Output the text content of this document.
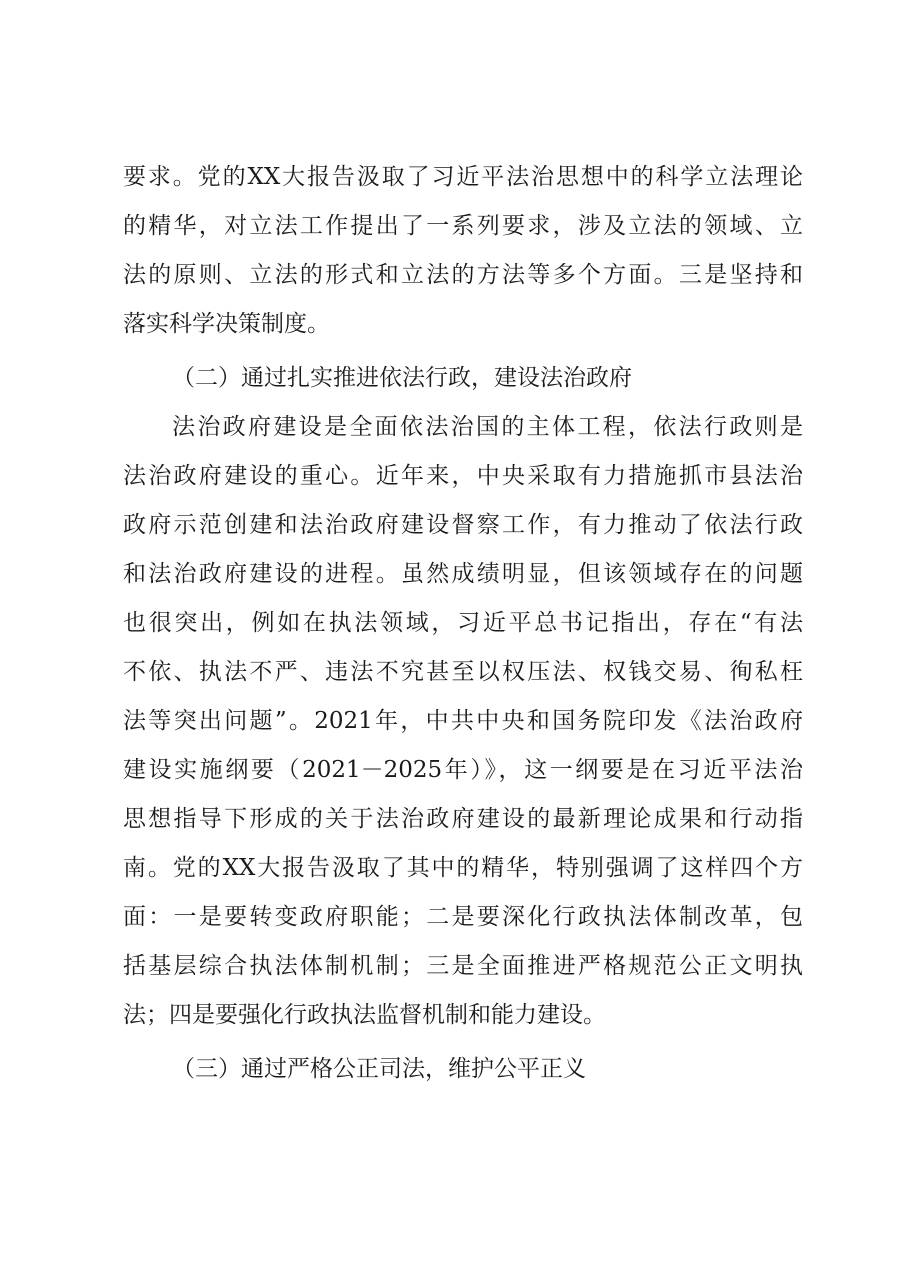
要求。党的XX大报告汲取了习近平法治思想中的科学立法理论
的精华，对立法工作提出了一系列要求，涉及立法的领域、立
法的原则、立法的形式和立法的方法等多个方面。三是坚持和
落实科学决策制度。
（二）通过扎实推进依法行政，建设法治政府
法治政府建设是全面依法治国的主体工程，依法行政则是
法治政府建设的重心。近年来，中央采取有力措施抓市县法治
政府示范创建和法治政府建设督察工作，有力推动了依法行政
和法治政府建设的进程。虽然成绩明显，但该领域存在的问题
也很突出，例如在执法领域，习近平总书记指出，存在“有法
不依、执法不严、违法不究甚至以权压法、权钱交易、徇私枉
法等突出问题”。2021年，中共中央和国务院印发《法治政府
建设实施纲要（2021－2025年）》，这一纲要是在习近平法治
思想指导下形成的关于法治政府建设的最新理论成果和行动指
南。党的XX大报告汲取了其中的精华，特别强调了这样四个方
面：一是要转变政府职能；二是要深化行政执法体制改革，包
括基层综合执法体制机制；三是全面推进严格规范公正文明执
法；四是要强化行政执法监督机制和能力建设。
（三）通过严格公正司法，维护公平正义
